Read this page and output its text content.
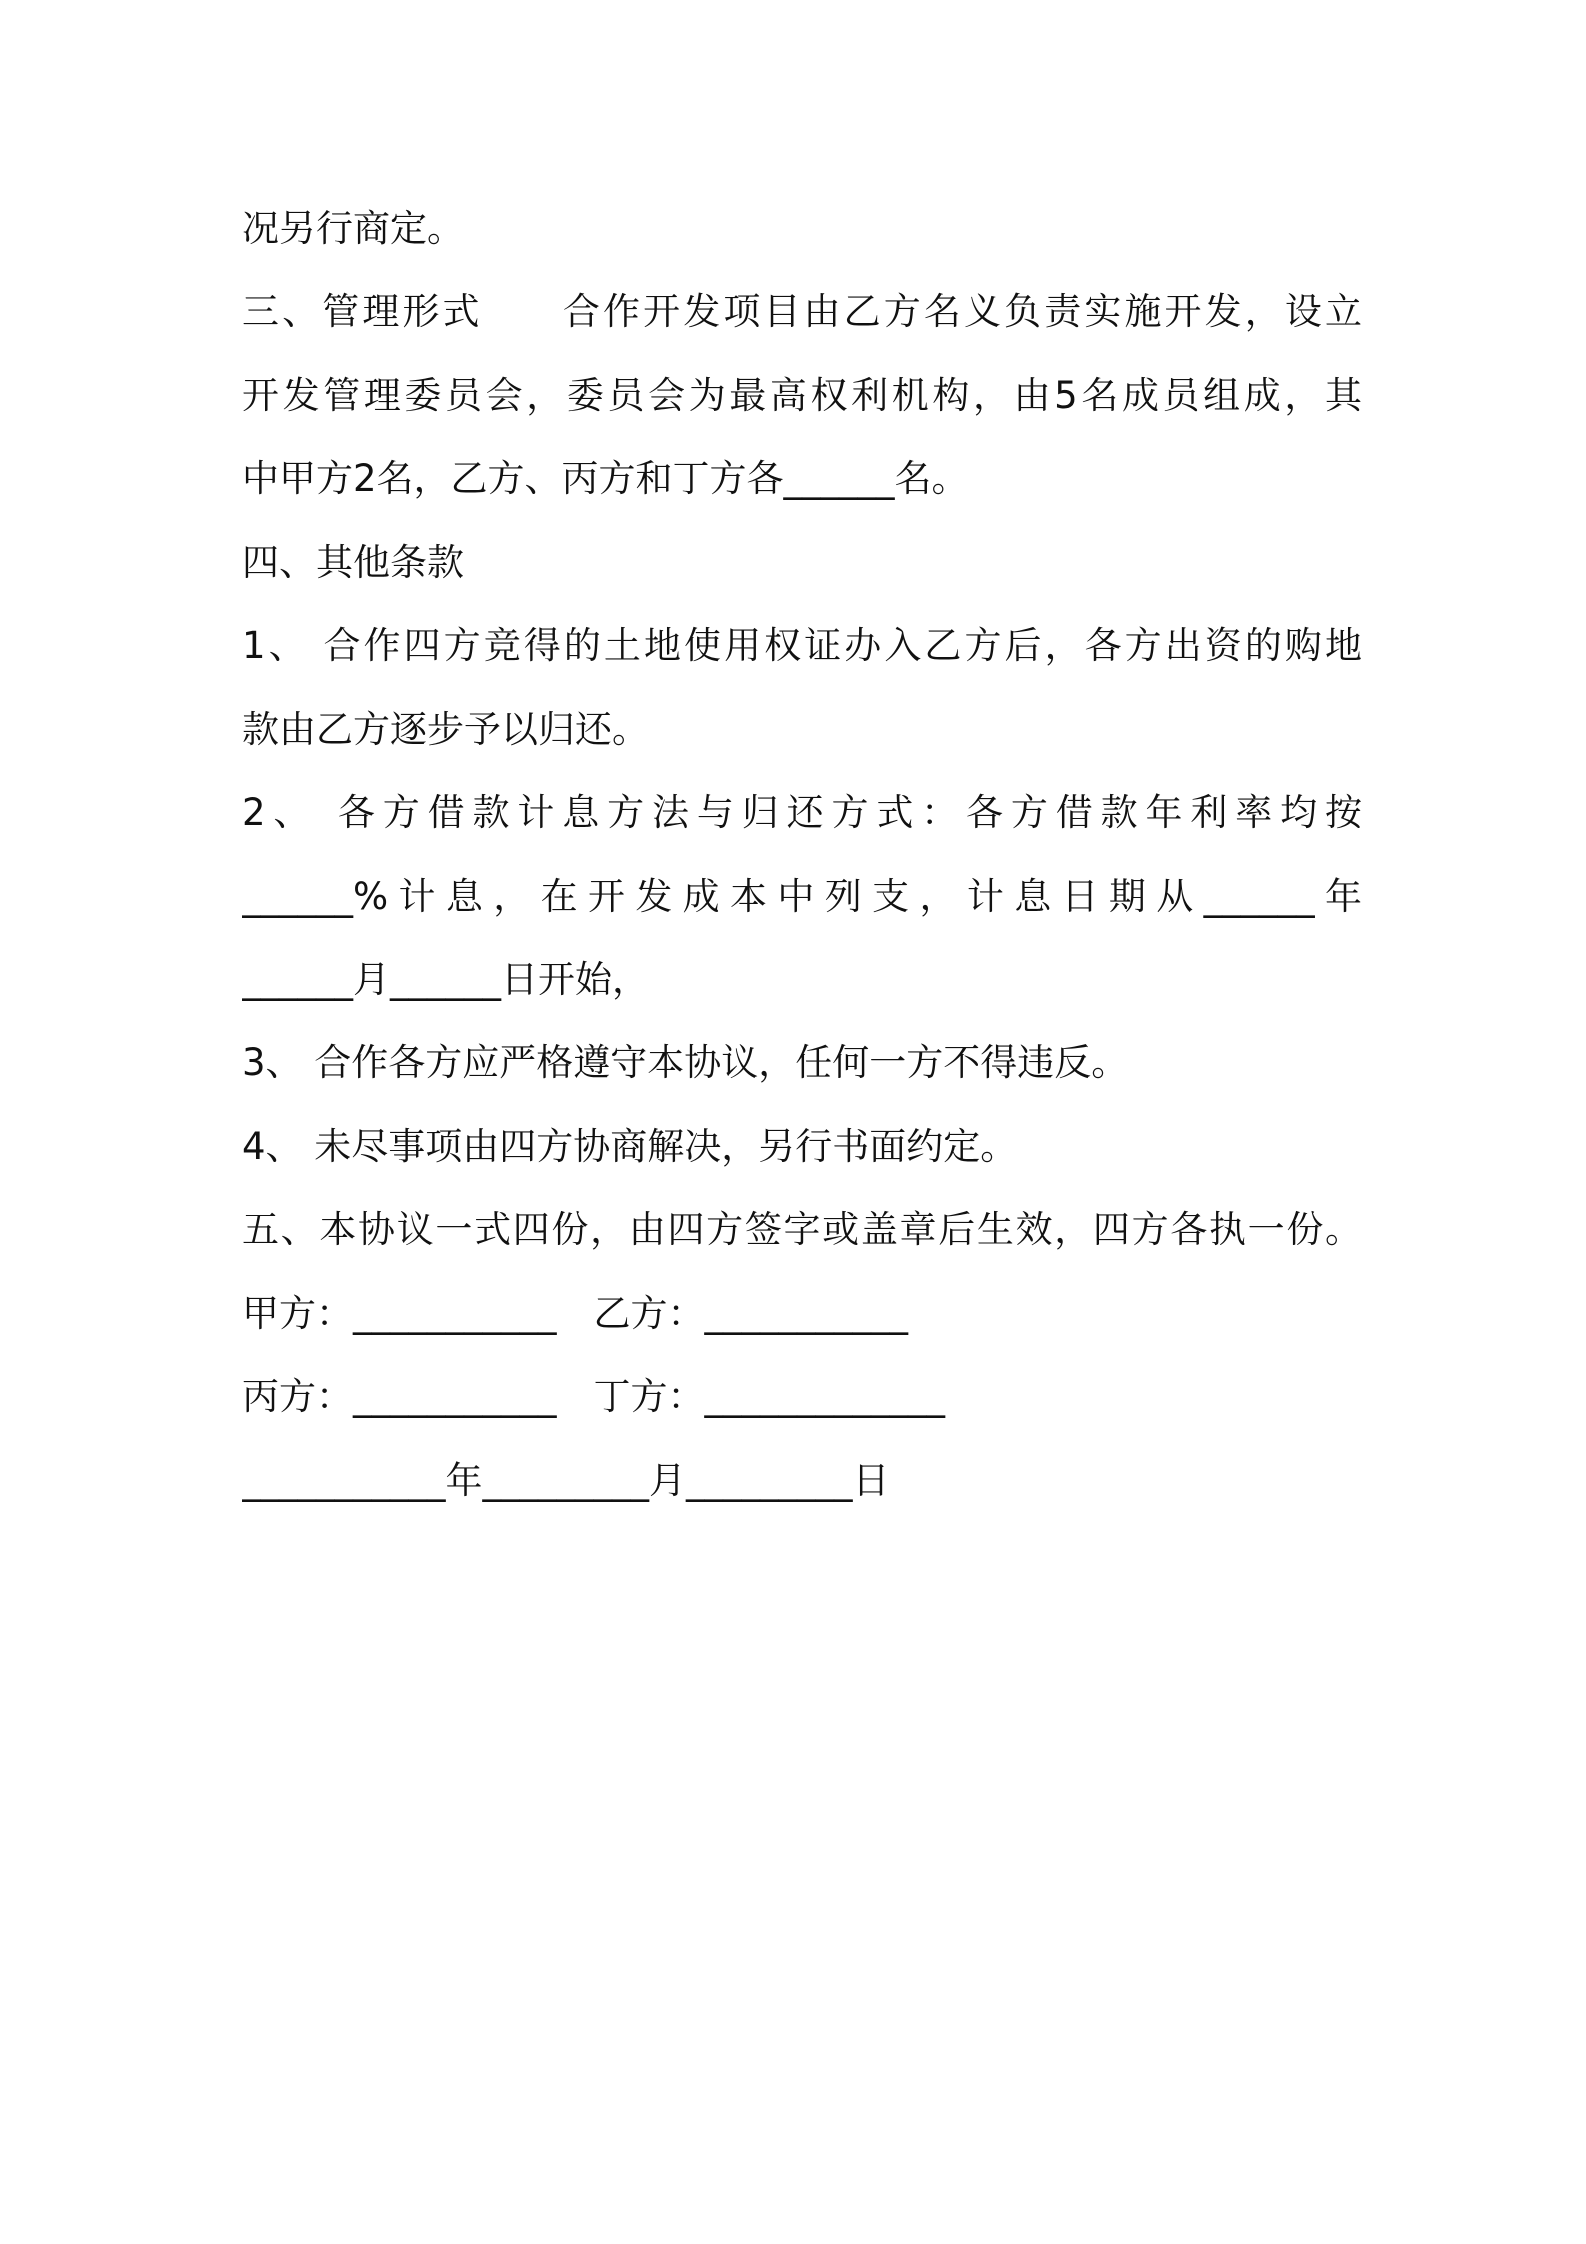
况另行商定。
三、管理形式　　合作开发项目由乙方名义负责实施开发，设立
开发管理委员会，委员会为最高权利机构，由5名成员组成，其
中甲方2名，乙方、丙方和丁方各______名。
四、其他条款
1、 合作四方竞得的土地使用权证办入乙方后，各方出资的购地
款由乙方逐步予以归还。
2、 各方借款计息方法与归还方式：各方借款年利率均按
______%计息，在开发成本中列支，计息日期从______年
______月______日开始，
3、 合作各方应严格遵守本协议，任何一方不得违反。
4、 未尽事项由四方协商解决，另行书面约定。
五、本协议一式四份，由四方签字或盖章后生效，四方各执一份。
甲方：___________　乙方：___________
丙方：___________　丁方：_____________
___________年_________月_________日
